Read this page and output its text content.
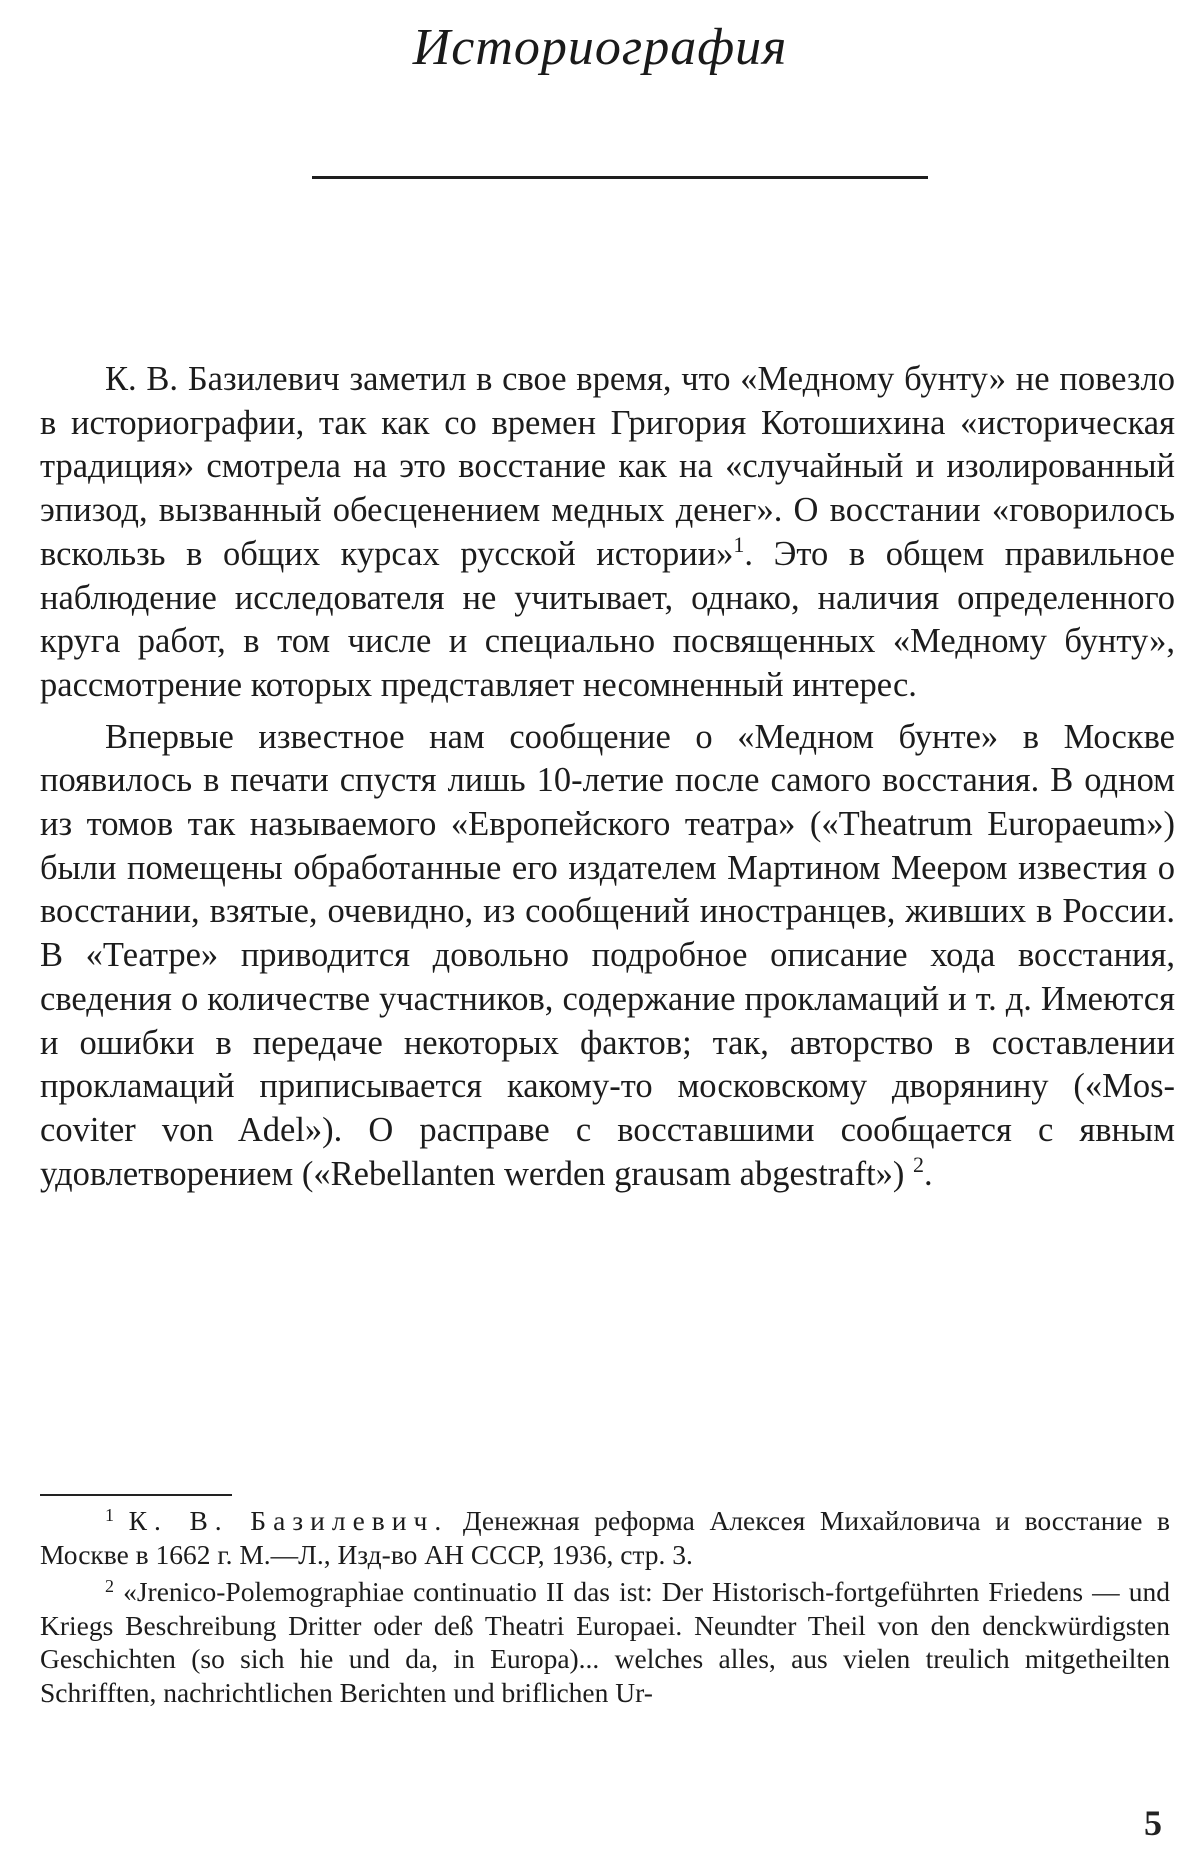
Историография

К. В. Базилевич заметил в свое время, что «Медному бунту» не повезло в историографии, так как со времен Григория Котошихина «историческая традиция» смотрела на это восстание как на «случайный и изолированный эпизод, вызванный обесценением медных денег». О восстании «говорилось вскользь в общих курсах русской истории»$^1$. Это в общем правильное наблюдение исследователя не учитывает, однако, наличия определенного круга работ, в том числе и специально посвященных «Медному бунту», рассмотрение которых представляет несомненный интерес.

Впервые известное нам сообщение о «Медном бунте» в Москве появилось в печати спустя лишь 10-летие после самого восстания. В одном из томов так называемого «Европейского театра» («Theatrum Europaeum») были помещены обработанные его издателем Мартином Меером известия о восстании, взятые, очевидно, из сообщений иностранцев, живших в России. В «Театре» приводится довольно подробное описание хода восстания, сведения о количестве участников, содержание прокламаций и т. д. Имеются и ошибки в передаче некоторых фактов; так, авторство в составлении прокламаций приписывается какому-то московскому дворянину («Moscoviter von Adel»). О расправе с восставшими сообщается с явным удовлетворением («Rebellanten werden grausam abgestraft») $^2$.

$^1$ К. В. Базилевич. Денежная реформа Алексея Михайловича и восстание в Москве в 1662 г. М.—Л., Изд-во АН СССР, 1936, стр. 3.

$^2$ «Jrenico-Polemographiae continuatio II das ist: Der Historisch-fortgeführten Friedens — und Kriegs Beschreibung Dritter oder deß Theatri Europaei. Neundter Theil von den denckwürdigsten Geschichten (so sich hie und da, in Europa)... welches alles, aus vielen treulich mitgetheilten Schrifften, nachrichtlichen Berichten und briflichen Ur-

5
